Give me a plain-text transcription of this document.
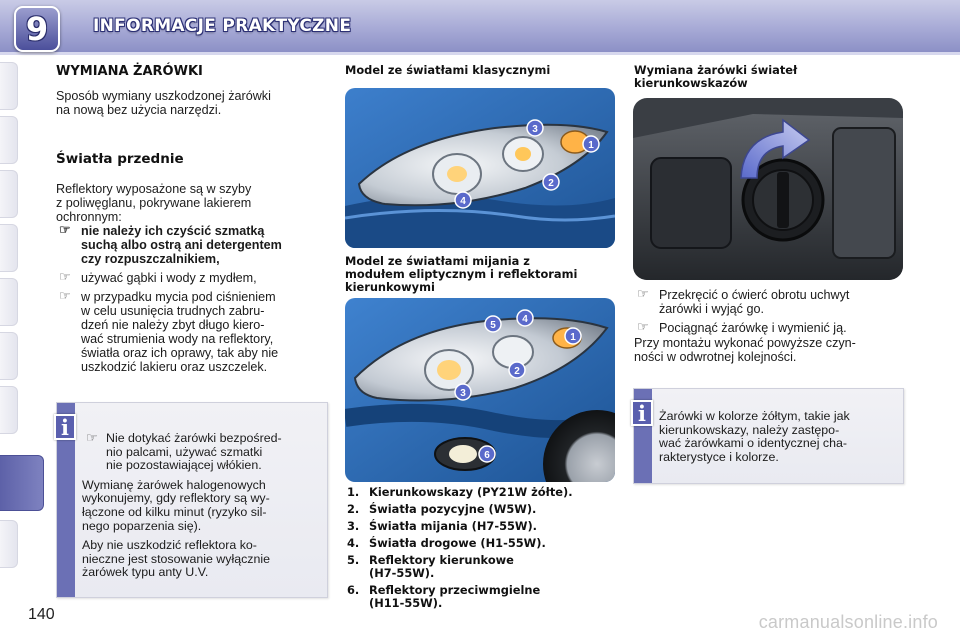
9	INFORMACJE PRAKTYCZNE
140
WYMIANA ŻARÓWKI
Sposób wymiany uszkodzonej żarówki
na nową bez użycia narzędzi.
Światła przednie
Reflektory wyposażone są w szyby
z poliwęglanu, pokrywane lakierem
ochronnym:
☞ nie należy ich czyścić szmatką
suchą albo ostrą ani detergentem
czy rozpuszczalnikiem,
☞ używać gąbki i wody z mydłem,
☞ w przypadku mycia pod ciśnieniem
w celu usunięcia trudnych zabru-
dzeń nie należy zbyt długo kiero-
wać strumienia wody na reflektory,
światła oraz ich oprawy, tak aby nie
uszkodzić lakieru oraz uszczelek.
i	☞ Nie dotykać żarówki bezpośred-
nio palcami, używać szmatki
nie pozostawiającej włókien.

Wymianę żarówek halogenowych
wykonujemy, gdy reflektory są wy-
łączone od kilku minut (ryzyko sil-
nego poparzenia się).

Aby nie uszkodzić reflektora ko-
nieczne jest stosowanie wyłącznie
żarówek typu anty U.V.

Model ze światłami klasycznymi
3
1
2
4
Model ze światłami mijania z
modułem eliptycznym i reflektorami
kierunkowymi
5
4
1
2
3
6
1. Kierunkowskazy (PY21W żółte).
2. Światła pozycyjne (W5W).
3. Światła mijania (H7-55W).
4. Światła drogowe (H1-55W).
5. Reflektory kierunkowe
(H7-55W).
6. Reflektory przeciwmgielne
(H11-55W).
Wymiana żarówki świateł
kierunkowskazów
☞ Przekręcić o ćwierć obrotu uchwyt
żarówki i wyjąć go.
☞ Pociągnąć żarówkę i wymienić ją.
Przy montażu wykonać powyższe czyn-
ności w odwrotnej kolejności.
i	Żarówki w kolorze żółtym, takie jak
kierunkowskazy, należy zastępo-
wać żarówkami o identycznej cha-
rakterystyce i kolorze.
carmanualsonline.info
